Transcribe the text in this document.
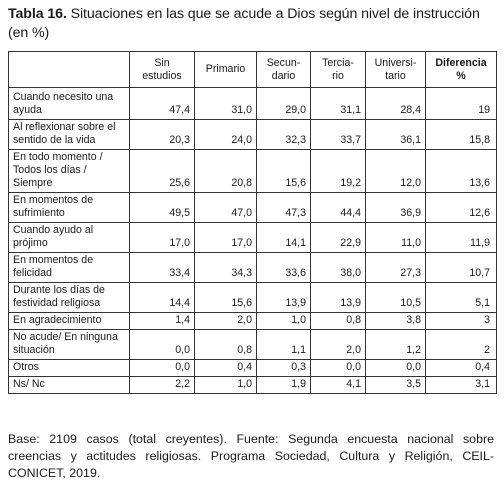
Tabla 16. Situaciones en las que se acude a Dios según nivel de instrucción (en %)
	Sin estudios	Primario	Secun-dario	Tercia-rio	Universi-tario	Diferencia %
Cuando necesito una ayuda	47,4	31,0	29,0	31,1	28,4	19
Al reflexionar sobre el sentido de la vida	20,3	24,0	32,3	33,7	36,1	15,8
En todo momento / Todos los días / Siempre	25,6	20,8	15,6	19,2	12,0	13,6
En momentos de sufrimiento	49,5	47,0	47,3	44,4	36,9	12,6
Cuando ayudo al prójimo	17,0	17,0	14,1	22,9	11,0	11,9
En momentos de felicidad	33,4	34,3	33,6	38,0	27,3	10,7
Durante los días de festividad religiosa	14,4	15,6	13,9	13,9	10,5	5,1
En agradecimiento	1,4	2,0	1,0	0,8	3,8	3
No acude/ En ninguna situación	0,0	0,8	1,1	2,0	1,2	2
Otros	0,0	0,4	0,3	0,0	0,0	0,4
Ns/ Nc	2,2	1,0	1,9	4,1	3,5	3,1
Base: 2109 casos (total creyentes). Fuente: Segunda encuesta nacional sobre creencias y actitudes religiosas. Programa Sociedad, Cultura y Religión, CEIL-CONICET, 2019.
